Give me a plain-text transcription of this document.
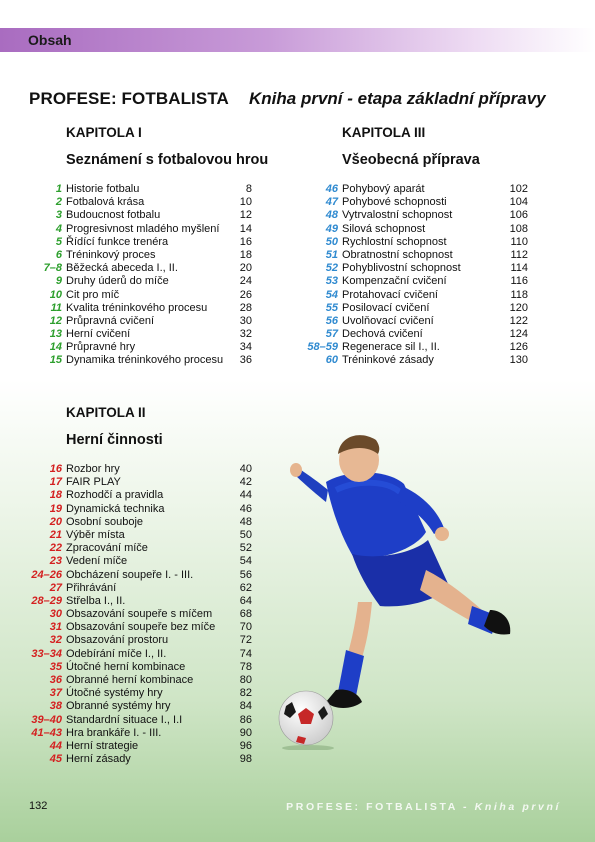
Obsah
PROFESE: FOTBALISTA Kniha první - etapa základní přípravy
KAPITOLA I
Seznámení s fotbalovou hrou
1 Historie fotbalu	8
2 Fotbalová krása	10
3 Budoucnost fotbalu	12
4 Progresivnost mladého myšlení 14
5 Řídící funkce trenéra	16
6 Tréninkový proces	18
7–8 Běžecká abeceda I., II.	20
9 Druhy úderů do míče	24
10 Cit pro míč	26
11 Kvalita tréninkového procesu	28
12 Průpravná cvičení	30
13 Herní cvičení	32
14 Průpravné hry	34
15 Dynamika tréninkového procesu 36
KAPITOLA II
Herní činnosti
16 Rozbor hry	40
17 FAIR PLAY	42
18 Rozhodčí a pravidla	44
19 Dynamická technika	46
20 Osobní souboje	48
21 Výběr místa	50
22 Zpracování míče	52
23 Vedení míče	54
24–26 Obcházení soupeře I. - III.	56
27 Přihrávání	62
28–29 Střelba I., II.	64
30 Obsazování soupeře s míčem	68
31 Obsazování soupeře bez míče 70
32 Obsazování prostoru	72
33–34 Odebírání míče I., II.	74
35 Útočné herní kombinace	78
36 Obranné herní kombinace	80
37 Útočné systémy hry	82
38 Obranné systémy hry	84
39–40 Standardní situace I., I.I	86
41–43 Hra brankáře I. - III.	90
44 Herní strategie	96
45 Herní zásady	98
KAPITOLA III
Všeobecná příprava
46 Pohybový aparát	102
47 Pohybové schopnosti	104
48 Vytrvalostní schopnost	106
49 Silová schopnost	108
50 Rychlostní schopnost	110
51 Obratnostní schopnost	112
52 Pohyblivostní schopnost	114
53 Kompenzační cvičení	116
54 Protahovací cvičení	118
55 Posilovací cvičení	120
56 Uvolňovací cvičení	122
57 Dechová cvičení	124
58–59 Regenerace sil I., II.	126
60 Tréninkové zásady	130
132	PROFESE: FOTBALISTA - Kniha první
